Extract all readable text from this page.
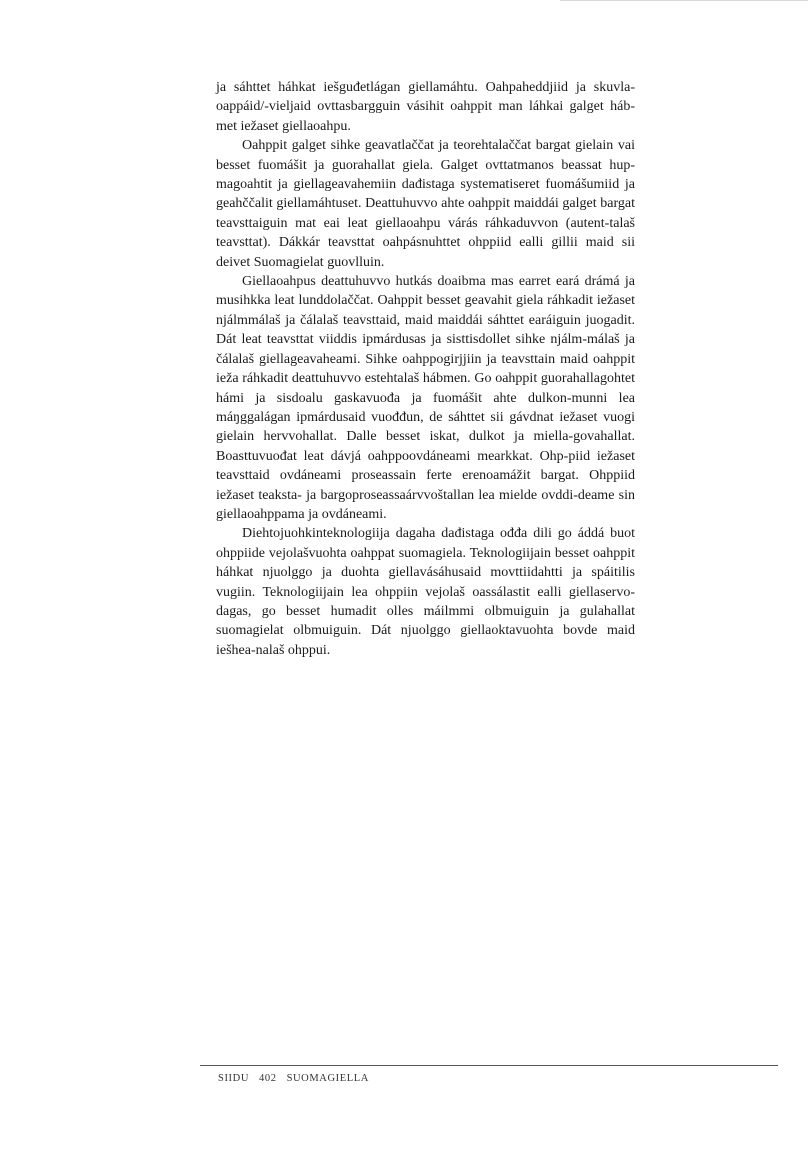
ja sáhttet háhkat iešguđetlágan giellamáhtu. Oahpaheddjiid ja skuvla-oappáid/-vieljaid ovttasbargguin vásihit oahppit man láhkai galget háb-met iežaset giellaoahpu.

Oahppit galget sihke geavatlaččat ja teorehtalaččat bargat gielain vai besset fuomášit ja guorahallat giela. Galget ovttatmanos beassat hup-magoahtit ja giellageavahemiin dađistaga systematiseret fuomášumiid ja geahččalit giellamáhtuset. Deattuhuvvo ahte oahppit maiddái galget bargat teavsttaiguin mat eai leat giellaoahpu várás ráhkaduvvon (autent-talaš teavsttat). Dákkár teavsttat oahpásnuhttet ohppiid ealli gillii maid sii deivet Suomagielat guovlluin.

Giellaoahpus deattuhuvvo hutkás doaibma mas earret eará drámá ja musihkka leat lunddolaččat. Oahppit besset geavahit giela ráhkadit iežaset njálmmálaš ja čálalaš teavsttaid, maid maiddái sáhttet earáiguin juogadit. Dát leat teavsttat viiddis ipmárdusas ja sisttisdollet sihke njálm-málaš ja čálalaš giellageavaheami. Sihke oahppogirjjiin ja teavsttain maid oahppit ieža ráhkadit deattuhuvvo estehtalaš hábmen. Go oahppit guorahallagohtet hámi ja sisdoalu gaskavuođa ja fuomášit ahte dulkon-munni lea máŋggalágan ipmárdusaid vuođđun, de sáhttet sii gávdnat iežaset vuogi gielain hervvohallat. Dalle besset iskat, dulkot ja miella-govahallat. Boasttuvuođat leat dávjá oahppoovdáneami mearkkat. Ohp-piid iežaset teavsttaid ovdáneami proseassain ferte erenoamážit bargat. Ohppiid iežaset teaksta- ja bargoproseassaárvvoštallan lea mielde ovddi-deame sin giellaoahppama ja ovdáneami.

Diehtojuohkinteknologiija dagaha dađistaga ođđa dili go áddá buot ohppiide vejolašvuohta oahppat suomagiela. Teknologiijain besset oahppit háhkat njuolggo ja duohta giellavásáhusaid movttiidahtti ja spáitilis vugiin. Teknologiijain lea ohppiin vejolaš oassálastit ealli giellaservo-dagas, go besset humadit olles máilmmi olbmuiguin ja gulahallat suomagielat olbmuiguin. Dát njuolggo giellaoktavuohta bovde maid iešhea-nalaš ohppui.

SIIDU 402 SUOMAGIELLA
